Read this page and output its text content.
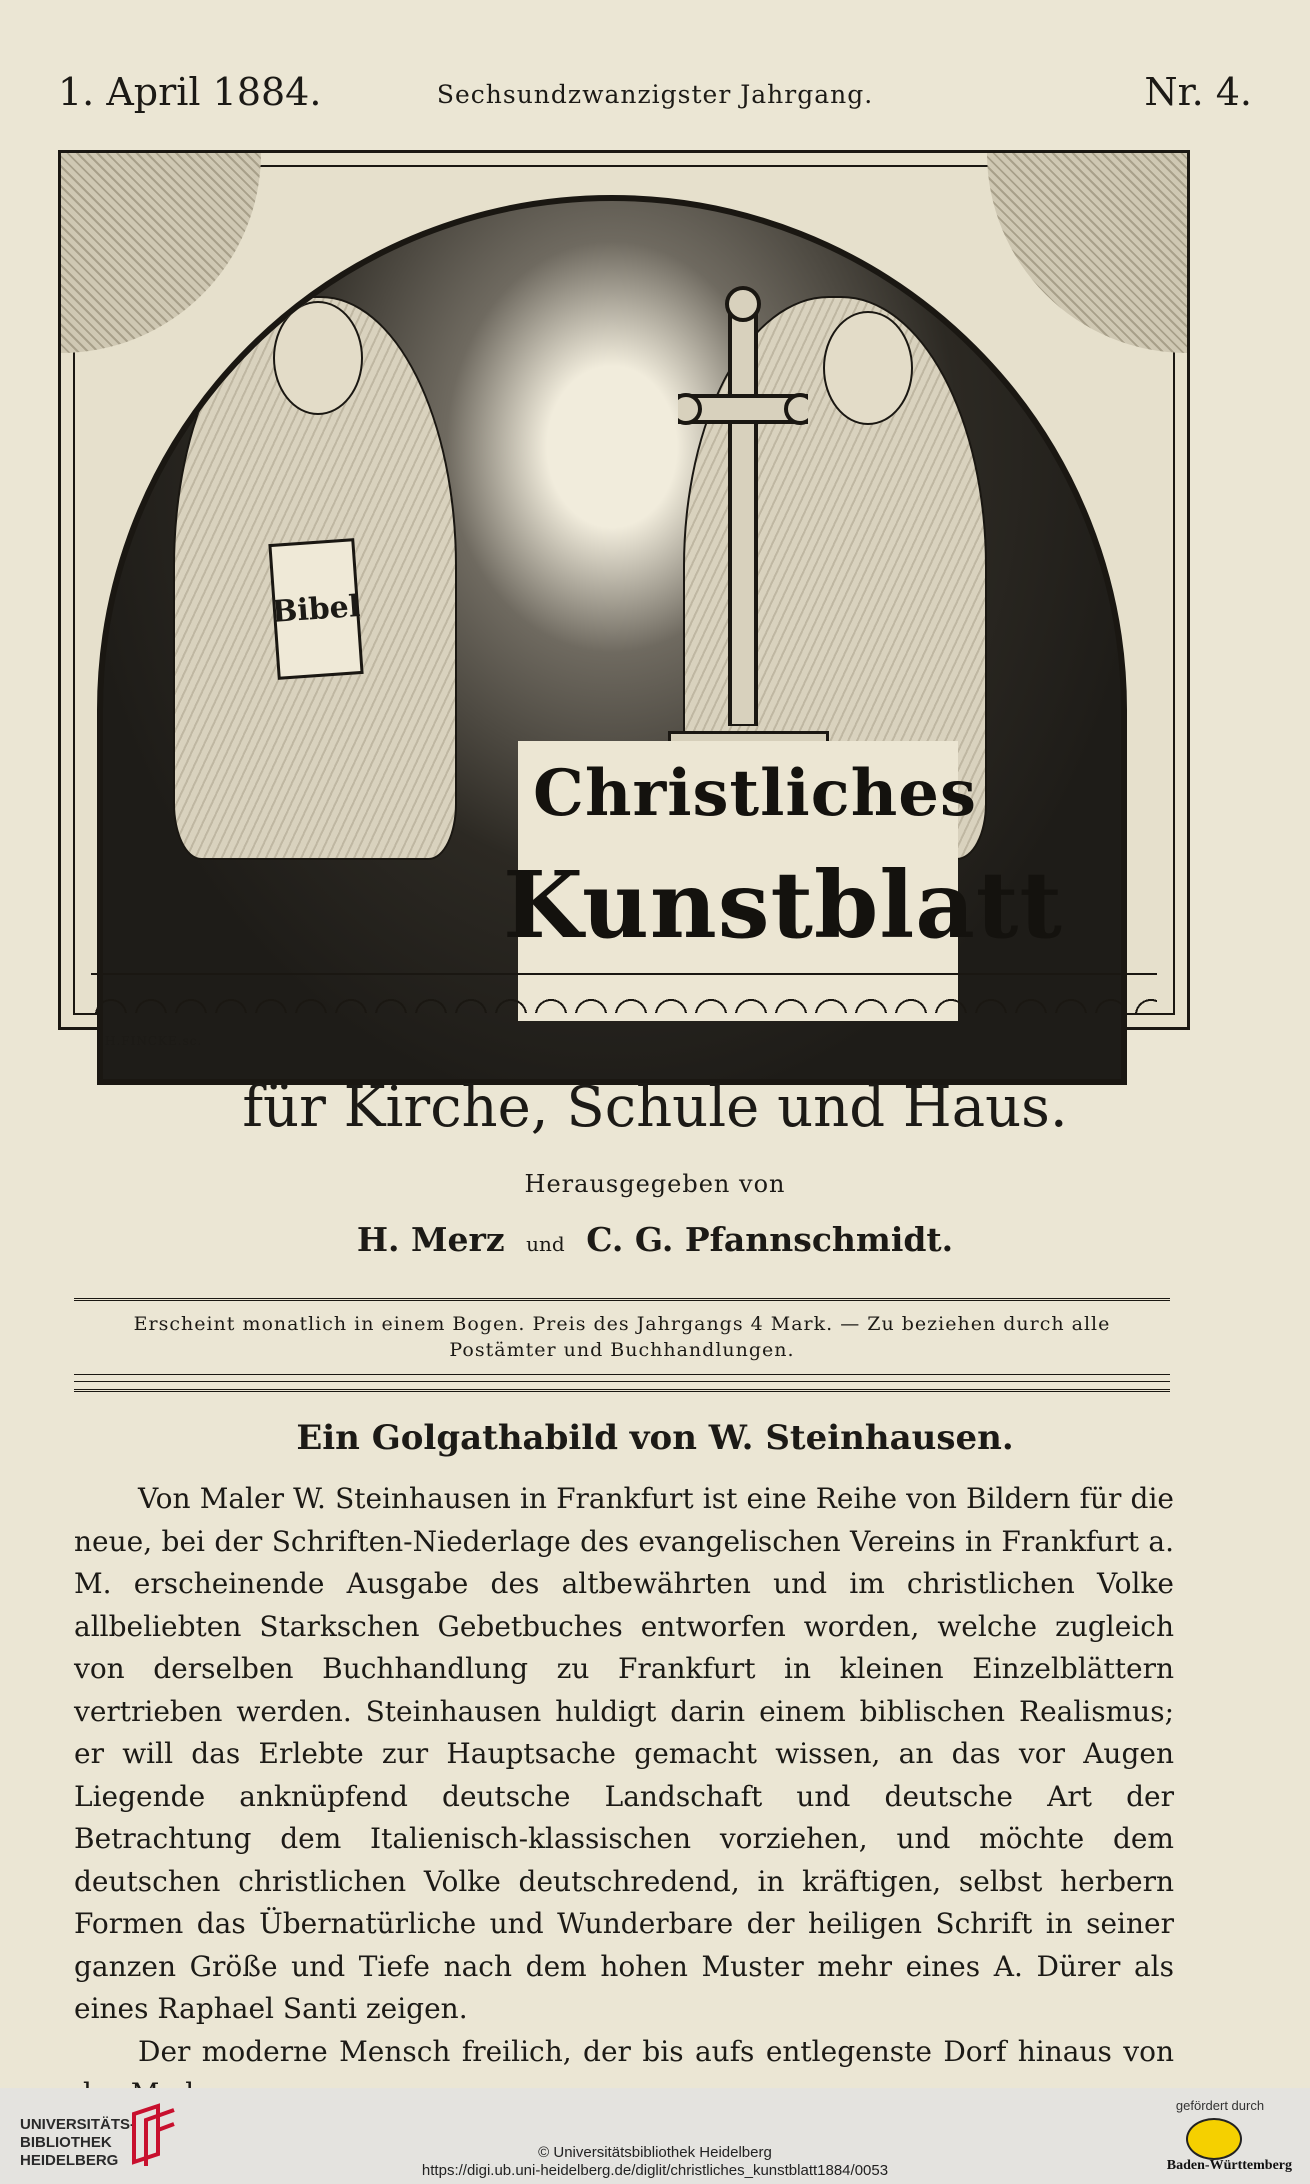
1. April 1884.	Sechsundzwanzigster Jahrgang.	Nr. 4.
Bibel
Christliches
Kunstblatt
H.FINCKE.sc.
für Kirche, Schule und Haus.
Herausgegeben von
H. Merz und C. G. Pfannschmidt.
Erscheint monatlich in einem Bogen. Preis des Jahrgangs 4 Mark. — Zu beziehen durch alle Postämter und Buchhandlungen.
Ein Golgathabild von W. Steinhausen.

Von Maler W. Steinhausen in Frankfurt ist eine Reihe von Bildern für die neue, bei der Schriften-Niederlage des evangelischen Vereins in Frankfurt a. M. erscheinende Ausgabe des altbewährten und im christlichen Volke allbeliebten Starkschen Gebetbuches entworfen worden, welche zugleich von derselben Buchhandlung zu Frankfurt in kleinen Einzelblättern vertrieben werden. Steinhausen huldigt darin einem biblischen Realismus; er will das Erlebte zur Hauptsache gemacht wissen, an das vor Augen Liegende anknüpfend deutsche Landschaft und deutsche Art der Betrachtung dem Italienisch-klassischen vorziehen, und möchte dem deutschen christlichen Volke deutschredend, in kräftigen, selbst herbern Formen das Übernatürliche und Wunderbare der heiligen Schrift in seiner ganzen Größe und Tiefe nach dem hohen Muster mehr eines A. Dürer als eines Raphael Santi zeigen.

Der moderne Mensch freilich, der bis aufs entlegenste Dorf hinaus von

UNIVERSITÄTS-
BIBLIOTHEK
HEIDELBERG	© Universitätsbibliothek Heidelberg
https://digi.ub.uni-heidelberg.de/diglit/christliches_kunstblatt1884/0053
gefördert durch
Baden-Württemberg
